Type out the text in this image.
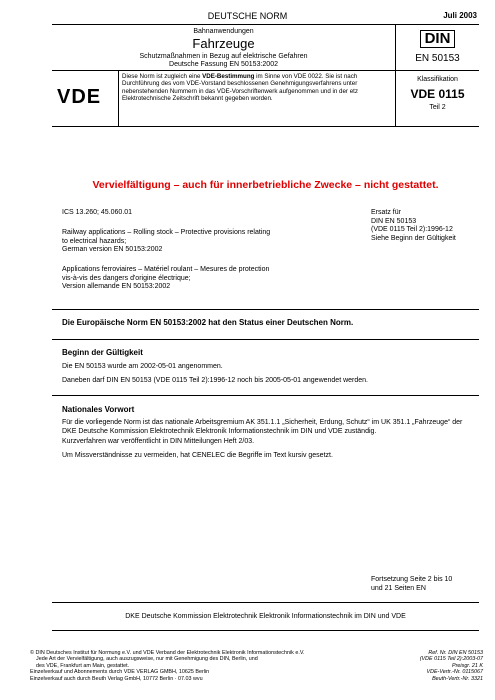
DEUTSCHE NORM	Juli 2003
Bahnanwendungen
Fahrzeuge
Schutzmaßnahmen in Bezug auf elektrische Gefahren
Deutsche Fassung EN 50153:2002
DIN
EN 50153
VDE
Diese Norm ist zugleich eine VDE-Bestimmung im Sinne von VDE 0022. Sie ist nach Durchführung des vom VDE-Vorstand beschlossenen Genehmigungsverfahrens unter nebenstehenden Nummern in das VDE-Vorschriftenwerk aufgenommen und in der etz Elektrotechnische Zeitschrift bekannt gegeben worden.
Klassifikation
VDE 0115
Teil 2
Vervielfältigung – auch für innerbetriebliche Zwecke – nicht gestattet.
ICS 13.260; 45.060.01	Ersatz für
DIN EN 50153
(VDE 0115 Teil 2):1996-12
Siehe Beginn der Gültigkeit
Railway applications – Rolling stock – Protective provisions relating
to electrical hazards;
German version EN 50153:2002
Applications ferroviaires – Matériel roulant – Mesures de protection
vis-à-vis des dangers d'origine électrique;
Version allemande EN 50153:2002
Die Europäische Norm EN 50153:2002 hat den Status einer Deutschen Norm.
Beginn der Gültigkeit
Die EN 50153 wurde am 2002-05-01 angenommen.
Daneben darf DIN EN 50153 (VDE 0115 Teil 2):1996-12 noch bis 2005-05-01 angewendet werden.
Nationales Vorwort
Für die vorliegende Norm ist das nationale Arbeitsgremium AK 351.1.1 „Sicherheit, Erdung, Schutz“ im UK 351.1 „Fahrzeuge“ der DKE Deutsche Kommission Elektrotechnik Elektronik Informationstechnik im DIN und VDE zuständig.
Kurzverfahren war veröffentlicht in DIN Mitteilungen Heft 2/03.
Um Missverständnisse zu vermeiden, hat CENELEC die Begriffe im Text kursiv gesetzt.
Fortsetzung Seite 2 bis 10
und 21 Seiten EN
DKE Deutsche Kommission Elektrotechnik Elektronik Informationstechnik im DIN und VDE
© DIN Deutsches Institut für Normung e.V. und VDE Verband der Elektrotechnik Elektronik Informationstechnik e.V.
Jede Art der Vervielfältigung, auch auszugsweise, nur mit Genehmigung des DIN, Berlin, und
des VDE, Frankfurt am Main, gestattet.
Einzelverkauf und Abonnements durch VDE VERLAG GMBH, 10625 Berlin
Einzelverkauf auch durch Beuth Verlag GmbH, 10772 Berlin · 07.03 wvu
Ref. Nr. DIN EN 50153
(VDE 0115 Teil 2):2003-07
Preisgr. 21 K
VDE-Vertr.-Nr. 0115067
Beuth-Vertr.-Nr. 3321
